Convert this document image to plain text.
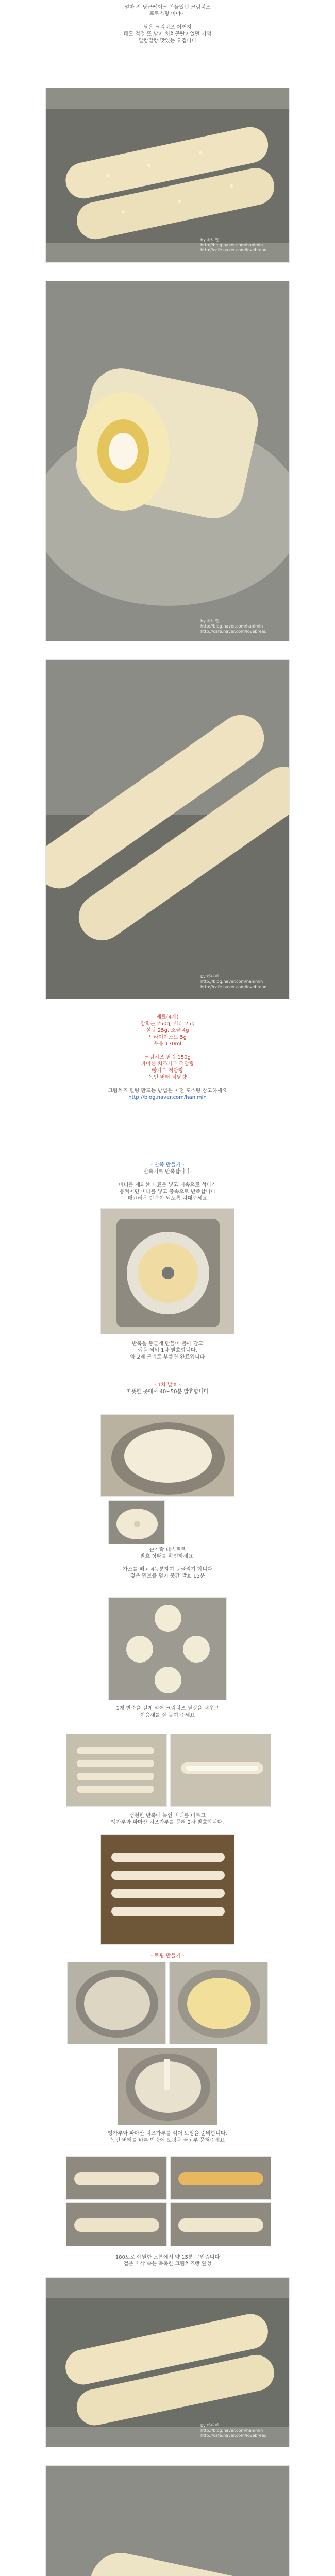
얼마 전 당근케이크 만들었던 크림치즈
프로스팅 이야기
남은 크림치즈 어쩌지
해도 걱정 또 남아 처치곤란이었던 기억
말캉말캉 맛있는 요겁니다
by 하니민
http://blog.naver.com/hanimin
http://cafe.naver.com/lovebread
by 하니민
http://blog.naver.com/hanimin
http://cafe.naver.com/lovebread
by 하니민
http://blog.naver.com/hanimin
http://cafe.naver.com/lovebread
재료(4개)
강력분 250g, 버터 25g
설탕 25g, 소금 4g
드라이이스트 5g
우유 170ml
크림치즈 필링 150g
파마산 치즈가루 적당량
빵가루 적당량
녹인 버터 적당량
크림치즈 필링 만드는 방법은 이전 포스팅 참고하세요
http://blog.naver.com/hanimin
- 반죽 만들기 -
반죽기로 반죽합니다.
버터를 제외한 재료를 넣고 저속으로 섞다가
뭉쳐지면 버터를 넣고 중속으로 반죽합니다
매끄러운 반죽이 되도록 치대주세요
반죽을 둥글게 만들어 볼에 담고
랩을 씌워 1차 발효합니다.
약 2배 크기로 부풀면 완료입니다
- 1차 발효 -
따뜻한 곳에서 40~50분 발효합니다
손가락 테스트로
발효 상태를 확인하세요.
가스를 빼고 4등분하여 둥글리기 합니다
젖은 면보를 덮어 중간 발효 15분
1개 반죽을 길게 밀어 크림치즈 필링을 채우고
이음새를 잘 붙여 주세요
성형한 반죽에 녹인 버터를 바르고
빵가루와 파마산 치즈가루를 묻혀 2차 발효합니다.
- 토핑 만들기 -
빵가루와 파마산 치즈가루를 섞어 토핑을 준비합니다.
녹인 버터를 바른 반죽에 토핑을 골고루 묻혀주세요
180도로 예열한 오븐에서 약 15분 구워줍니다
겉은 바삭 속은 촉촉한 크림치즈빵 완성
by 하니민
http://blog.naver.com/hanimin
http://cafe.naver.com/lovebread
